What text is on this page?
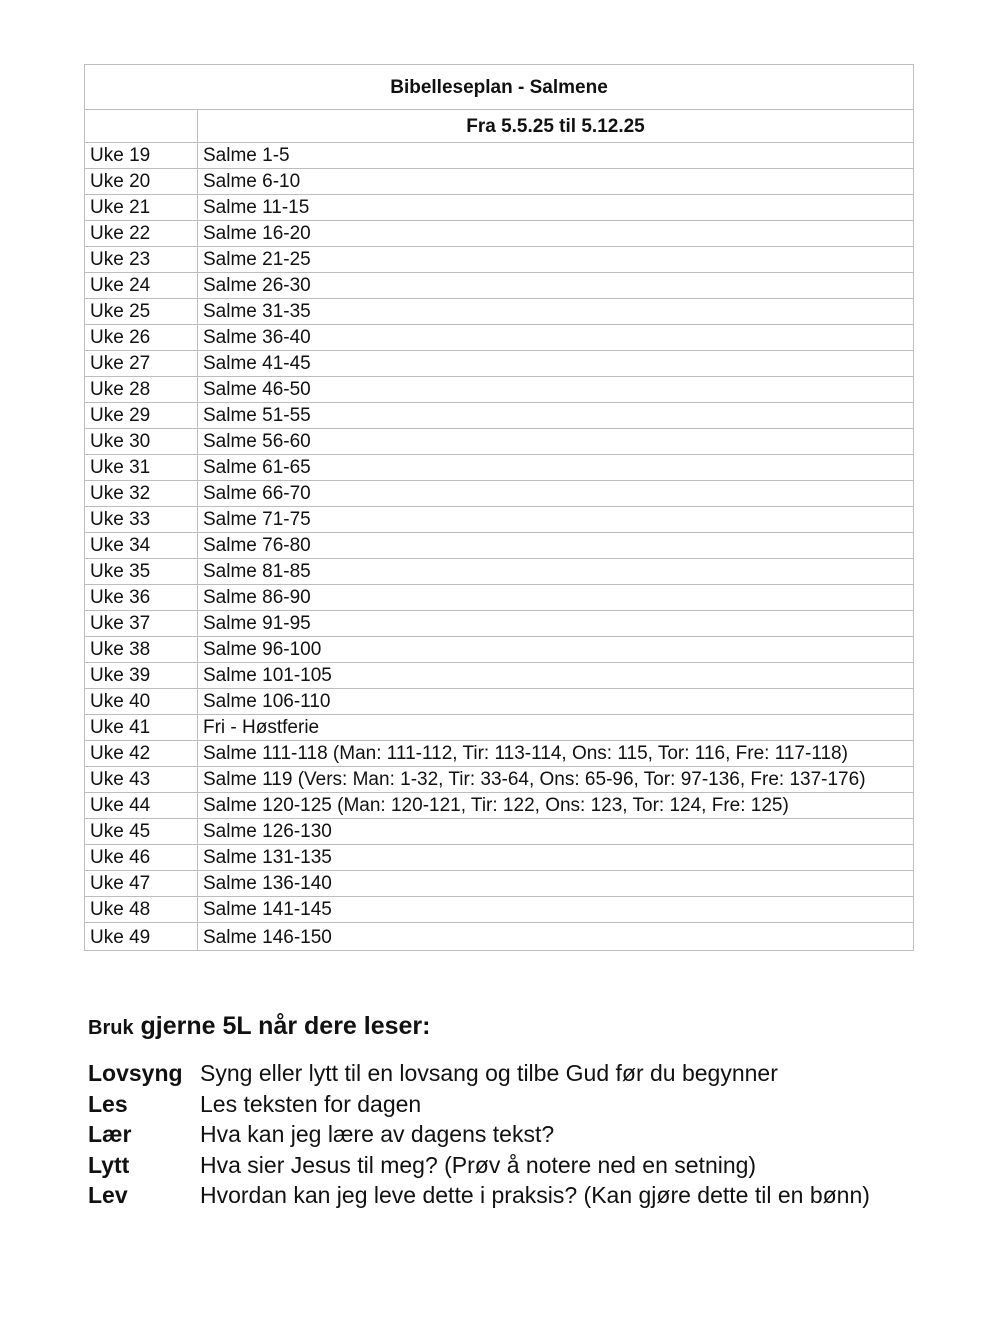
Bibelleseplan - Salmene	
	Fra 5.5.25 til 5.12.25
Uke 19	Salme 1-5
Uke 20	Salme 6-10
Uke 21	Salme 11-15
Uke 22	Salme 16-20
Uke 23	Salme 21-25
Uke 24	Salme 26-30
Uke 25	Salme 31-35
Uke 26	Salme 36-40
Uke 27	Salme 41-45
Uke 28	Salme 46-50
Uke 29	Salme 51-55
Uke 30	Salme 56-60
Uke 31	Salme 61-65
Uke 32	Salme 66-70
Uke 33	Salme 71-75
Uke 34	Salme 76-80
Uke 35	Salme 81-85
Uke 36	Salme 86-90
Uke 37	Salme 91-95
Uke 38	Salme 96-100
Uke 39	Salme 101-105
Uke 40	Salme 106-110
Uke 41	Fri - Høstferie
Uke 42	Salme 111-118 (Man: 111-112, Tir: 113-114, Ons: 115, Tor: 116, Fre: 117-118)
Uke 43	Salme 119 (Vers: Man: 1-32, Tir: 33-64, Ons: 65-96, Tor: 97-136, Fre: 137-176)
Uke 44	Salme 120-125 (Man: 120-121, Tir: 122, Ons: 123, Tor: 124, Fre: 125)
Uke 45	Salme 126-130
Uke 46	Salme 131-135
Uke 47	Salme 136-140
Uke 48	Salme 141-145
Uke 49	Salme 146-150
Bruk gjerne 5L når dere leser:
Lovsyng Syng eller lytt til en lovsang og tilbe Gud før du begynner
Les	Les teksten for dagen
Lær	Hva kan jeg lære av dagens tekst?
Lytt	Hva sier Jesus til meg? (Prøv å notere ned en setning)
Lev	Hvordan kan jeg leve dette i praksis? (Kan gjøre dette til en bønn)
